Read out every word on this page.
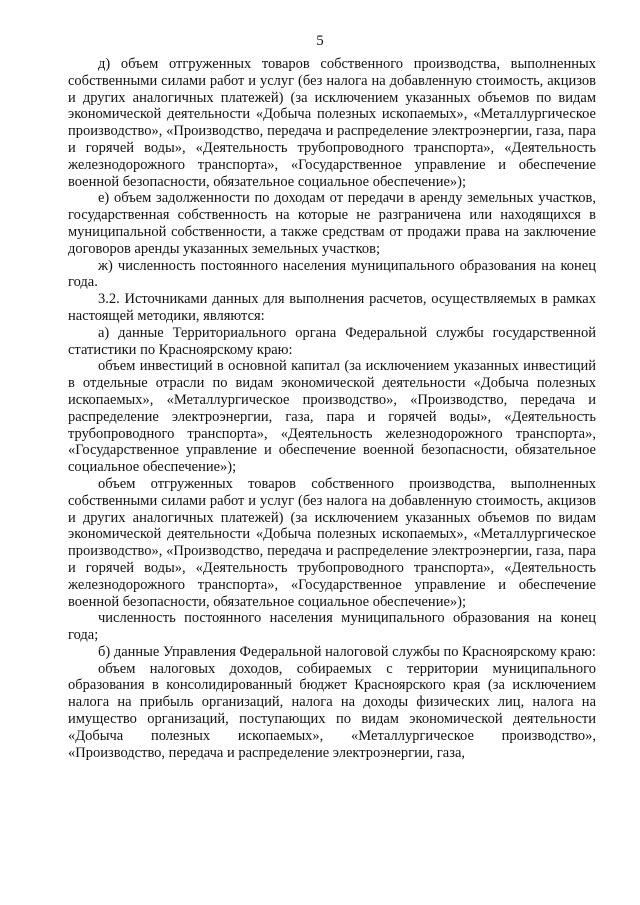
5

д) объем отгруженных товаров собственного производства, выполненных собственными силами работ и услуг (без налога на добавленную стоимость, акцизов и других аналогичных платежей) (за исключением указанных объемов по видам экономической деятельности «Добыча полезных ископаемых», «Металлургическое производство», «Производство, передача и распределение электроэнергии, газа, пара и горячей воды», «Деятельность трубопроводного транспорта», «Деятельность железнодорожного транспорта», «Государственное управление и обеспечение военной безопасности, обязательное социальное обеспечение»);

е) объем задолженности по доходам от передачи в аренду земельных участков, государственная собственность на которые не разграничена или находящихся в муниципальной собственности, а также средствам от продажи права на заключение договоров аренды указанных земельных участков;

ж) численность постоянного населения муниципального образования на конец года.

3.2. Источниками данных для выполнения расчетов, осуществляемых в рамках настоящей методики, являются:

а) данные Территориального органа Федеральной службы государственной статистики по Красноярскому краю:

объем инвестиций в основной капитал (за исключением указанных инвестиций в отдельные отрасли по видам экономической деятельности «Добыча полезных ископаемых», «Металлургическое производство», «Производство, передача и распределение электроэнергии, газа, пара и горячей воды», «Деятельность трубопроводного транспорта», «Деятельность железнодорожного транспорта», «Государственное управление и обеспечение военной безопасности, обязательное социальное обеспечение»);

объем отгруженных товаров собственного производства, выполненных собственными силами работ и услуг (без налога на добавленную стоимость, акцизов и других аналогичных платежей) (за исключением указанных объемов по видам экономической деятельности «Добыча полезных ископаемых», «Металлургическое производство», «Производство, передача и распределение электроэнергии, газа, пара и горячей воды», «Деятельность трубопроводного транспорта», «Деятельность железнодорожного транспорта», «Государственное управление и обеспечение военной безопасности, обязательное социальное обеспечение»);

численность постоянного населения муниципального образования на конец года;

б) данные Управления Федеральной налоговой службы по Красноярскому краю:

объем налоговых доходов, собираемых с территории муниципального образования в консолидированный бюджет Красноярского края (за исключением налога на прибыль организаций, налога на доходы физических лиц, налога на имущество организаций, поступающих по видам экономической деятельности «Добыча полезных ископаемых», «Металлургическое производство», «Производство, передача и распределение электроэнергии, газа,
